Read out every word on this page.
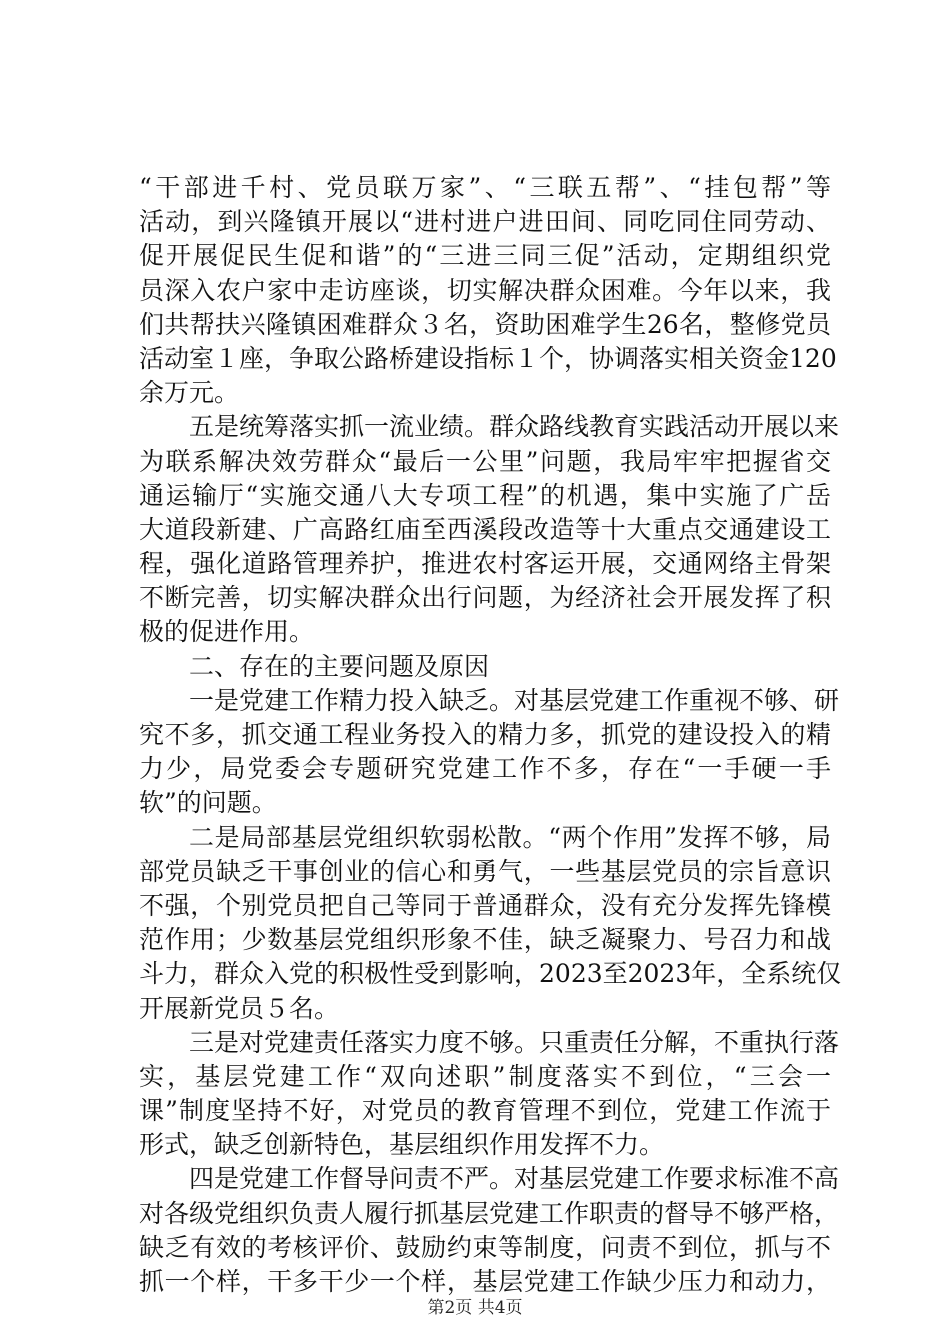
“干部进千村、党员联万家”、“三联五帮”、“挂包帮”等
活动，到兴隆镇开展以“进村进户进田间、同吃同住同劳动、
促开展促民生促和谐”的“三进三同三促”活动，定期组织党
员深入农户家中走访座谈，切实解决群众困难。今年以来，我
们共帮扶兴隆镇困难群众３名，资助困难学生26名，整修党员
活动室１座，争取公路桥建设指标１个，协调落实相关资金120
余万元。
五是统筹落实抓一流业绩。群众路线教育实践活动开展以来
为联系解决效劳群众“最后一公里”问题，我局牢牢把握省交
通运输厅“实施交通八大专项工程”的机遇，集中实施了广岳
大道段新建、广高路红庙至西溪段改造等十大重点交通建设工
程，强化道路管理养护，推进农村客运开展，交通网络主骨架
不断完善，切实解决群众出行问题，为经济社会开展发挥了积
极的促进作用。
二、存在的主要问题及原因
一是党建工作精力投入缺乏。对基层党建工作重视不够、研
究不多，抓交通工程业务投入的精力多，抓党的建设投入的精
力少，局党委会专题研究党建工作不多，存在“一手硬一手
软”的问题。
二是局部基层党组织软弱松散。“两个作用”发挥不够，局
部党员缺乏干事创业的信心和勇气，一些基层党员的宗旨意识
不强，个别党员把自己等同于普通群众，没有充分发挥先锋模
范作用；少数基层党组织形象不佳，缺乏凝聚力、号召力和战
斗力，群众入党的积极性受到影响，2023至2023年，全系统仅
开展新党员５名。
三是对党建责任落实力度不够。只重责任分解，不重执行落
实，基层党建工作“双向述职”制度落实不到位，“三会一
课”制度坚持不好，对党员的教育管理不到位，党建工作流于
形式，缺乏创新特色，基层组织作用发挥不力。
四是党建工作督导问责不严。对基层党建工作要求标准不高
对各级党组织负责人履行抓基层党建工作职责的督导不够严格，
缺乏有效的考核评价、鼓励约束等制度，问责不到位，抓与不
抓一个样，干多干少一个样，基层党建工作缺少压力和动力，
第2页 共4页
